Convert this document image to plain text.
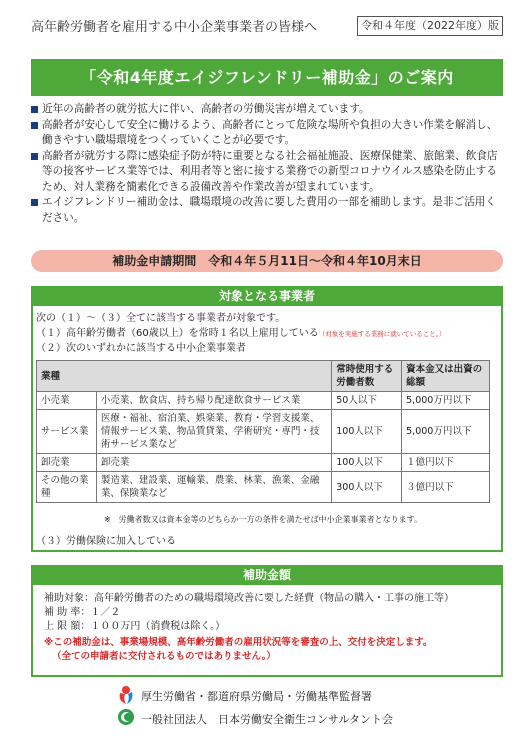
高年齢労働者を雇用する中小企業事業者の皆様へ	令和４年度（2022年度）版
「令和4年度エイジフレンドリー補助金」のご案内
近年の高齢者の就労拡大に伴い、高齢者の労働災害が増えています。
高齢者が安心して安全に働けるよう、高齢者にとって危険な場所や負担の大きい作業を解消し、働きやすい職場環境をつくっていくことが必要です。
高齢者が就労する際に感染症予防が特に重要となる社会福祉施設、医療保健業、旅館業、飲食店等の接客サービス業等では、利用者等と密に接する業務での新型コロナウイルス感染を防止するため、対人業務を簡素化できる設備改善や作業改善が望まれています。
エイジフレンドリー補助金は、職場環境の改善に要した費用の一部を補助します。是非ご活用ください。
補助金申請期間　令和４年５月11日〜令和４年10月末日
対象となる事業者
次の（１）〜（３）全てに該当する事業者が対象です。
（１）高年齢労働者（60歳以上）を常時１名以上雇用している（対象を実施する業務に就いていること。）
（２）次のいずれかに該当する中小企業事業者
業種		常時使用する労働者数	資本金又は出資の総額
小売業	小売業、飲食店、持ち帰り配達飲食サービス業	50人以下	5,000万円以下
サービス業	医療・福祉、宿泊業、娯楽業、教育・学習支援業、情報サービス業、物品賃貸業、学術研究・専門・技術サービス業など	100人以下	5,000万円以下
卸売業	卸売業	100人以下	１億円以下
その他の業種	製造業、建設業、運輸業、農業、林業、漁業、金融業、保険業など	300人以下	３億円以下
※　労働者数又は資本金等のどちらか一方の条件を満たせば中小企業事業者となります。
（３）労働保険に加入している
補助金額
補助対象：高年齢労働者のための職場環境改善に要した経費（物品の購入・工事の施工等）
補 助 率：１／２
上 限 額：１００万円（消費税は除く。）
※この補助金は、事業場規模、高年齢労働者の雇用状況等を審査の上、交付を決定します。
（全ての申請者に交付されるものではありません。）
厚生労働省・都道府県労働局・労働基準監督署
一般社団法人　日本労働安全衛生コンサルタント会
